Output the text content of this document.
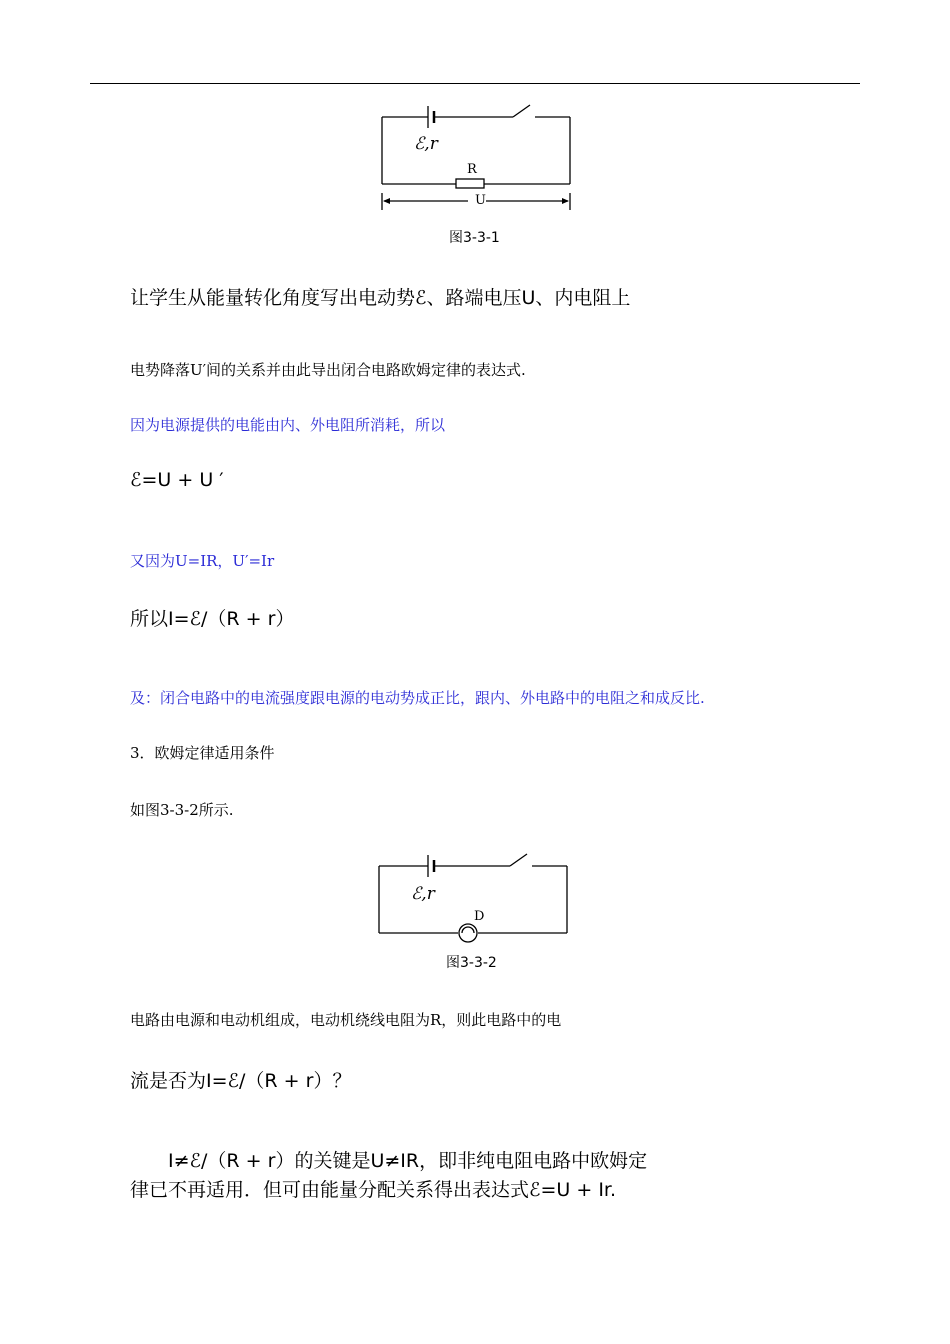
ℰ,r
R
U
图3-3-1
让学生从能量转化角度写出电动势ℰ、路端电压U、内电阻上
电势降落U′间的关系并由此导出闭合电路欧姆定律的表达式.
因为电源提供的电能由内、外电阻所消耗，所以
ℰ=U + U ′
又因为U=IR，U′=Ir
所以I=ℰ/（R + r）
及：闭合电路中的电流强度跟电源的电动势成正比，跟内、外电路中的电阻之和成反比.
3．欧姆定律适用条件
如图3-3-2所示.
ℰ,r
D
图3-3-2
电路由电源和电动机组成，电动机绕线电阻为R，则此电路中的电
流是否为I=ℰ/（R + r）？
I≠ℰ/（R + r）的关键是U≠IR，即非纯电阻电路中欧姆定
律已不再适用．但可由能量分配关系得出表达式ℰ=U + Ir.
